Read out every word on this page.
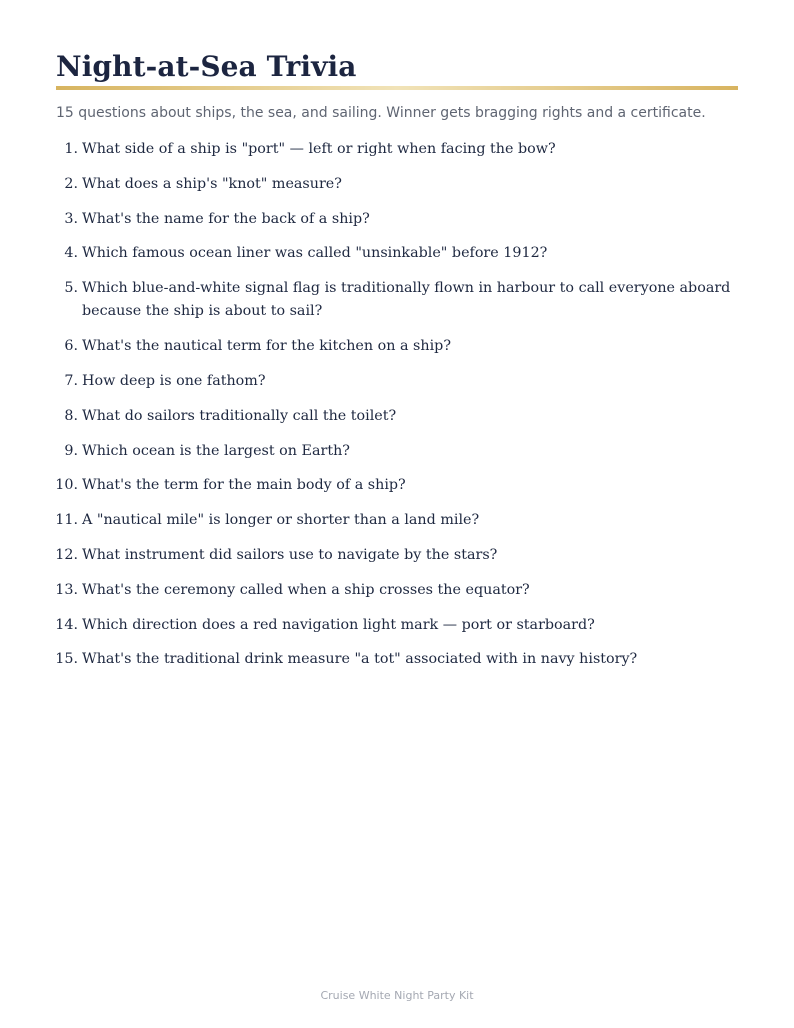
Night-at-Sea Trivia

15 questions about ships, the sea, and sailing. Winner gets bragging rights and a certificate.

1. What side of a ship is "port" — left or right when facing the bow?
2. What does a ship's "knot" measure?
3. What's the name for the back of a ship?
4. Which famous ocean liner was called "unsinkable" before 1912?
5. Which blue-and-white signal flag is traditionally flown in harbour to call everyone aboard because the ship is about to sail?
6. What's the nautical term for the kitchen on a ship?
7. How deep is one fathom?
8. What do sailors traditionally call the toilet?
9. Which ocean is the largest on Earth?
10. What's the term for the main body of a ship?
11. A "nautical mile" is longer or shorter than a land mile?
12. What instrument did sailors use to navigate by the stars?
13. What's the ceremony called when a ship crosses the equator?
14. Which direction does a red navigation light mark — port or starboard?
15. What's the traditional drink measure "a tot" associated with in navy history?
Cruise White Night Party Kit
